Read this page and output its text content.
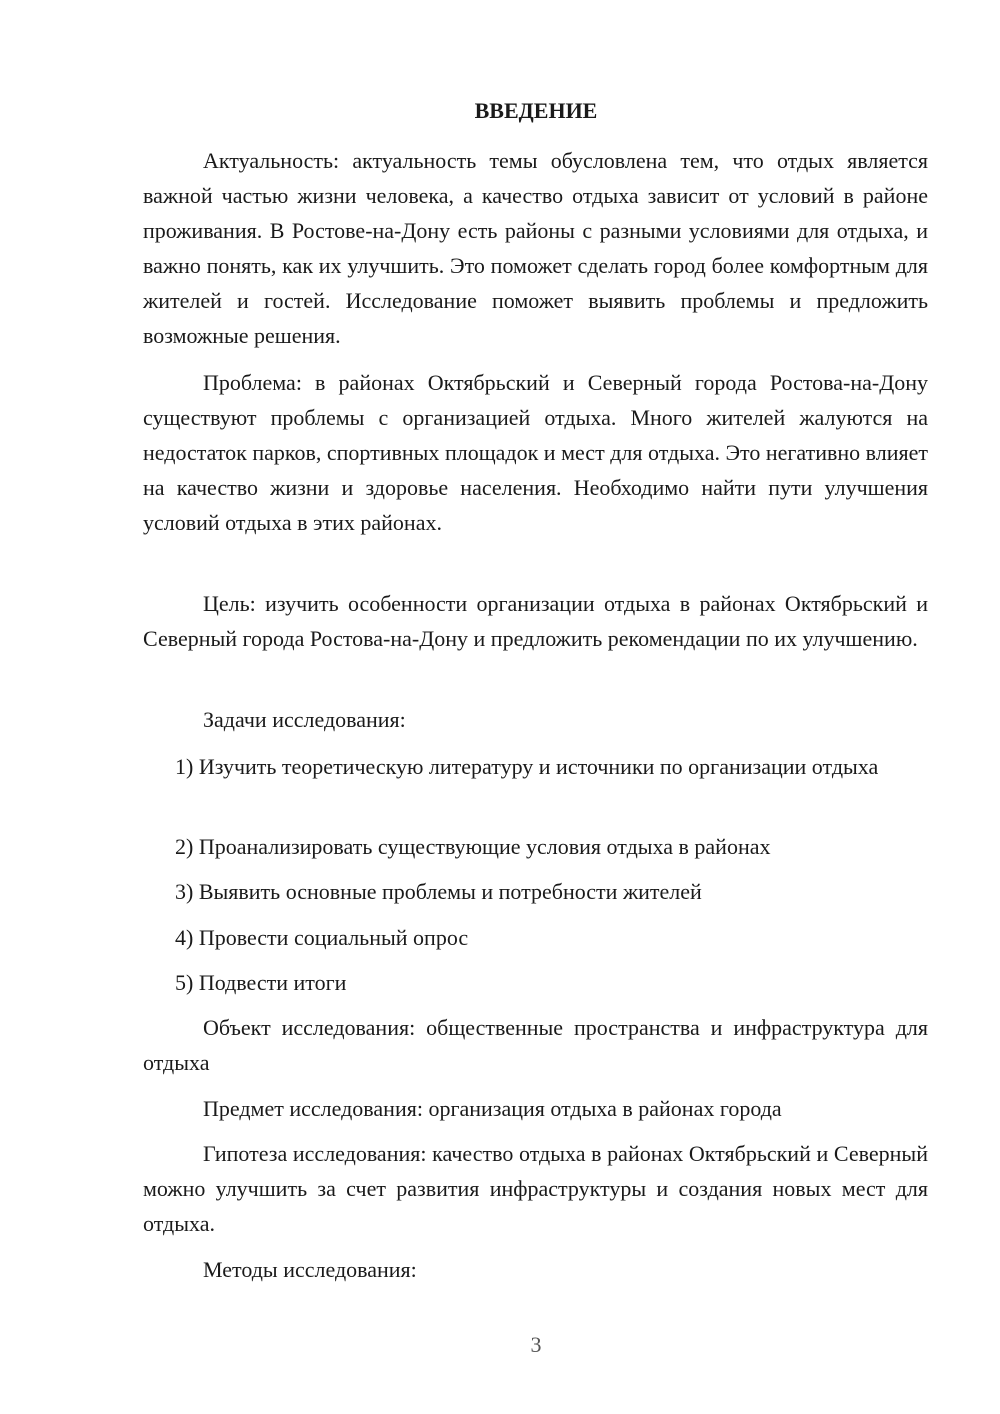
ВВЕДЕНИЕ

Актуальность: актуальность темы обусловлена тем, что отдых является важной частью жизни человека, а качество отдыха зависит от условий в районе проживания. В Ростове-на-Дону есть районы с разными условиями для отдыха, и важно понять, как их улучшить. Это поможет сделать город более комфортным для жителей и гостей. Исследование поможет выявить проблемы и предложить возможные решения.

Проблема: в районах Октябрьский и Северный города Ростова-на-Дону существуют проблемы с организацией отдыха. Много жителей жалуются на недостаток парков, спортивных площадок и мест для отдыха. Это негативно влияет на качество жизни и здоровье населения. Необходимо найти пути улучшения условий отдыха в этих районах.

Цель: изучить особенности организации отдыха в районах Октябрьский и Северный города Ростова-на-Дону и предложить рекомендации по их улучшению.

Задачи исследования:

1) Изучить теоретическую литературу и источники по организации отдыха

2) Проанализировать существующие условия отдыха в районах

3) Выявить основные проблемы и потребности жителей

4) Провести социальный опрос

5) Подвести итоги

Объект исследования: общественные пространства и инфраструктура для отдыха

Предмет исследования: организация отдыха в районах города

Гипотеза исследования: качество отдыха в районах Октябрьский и Северный можно улучшить за счет развития инфраструктуры и создания новых мест для отдыха.

Методы исследования:

3
